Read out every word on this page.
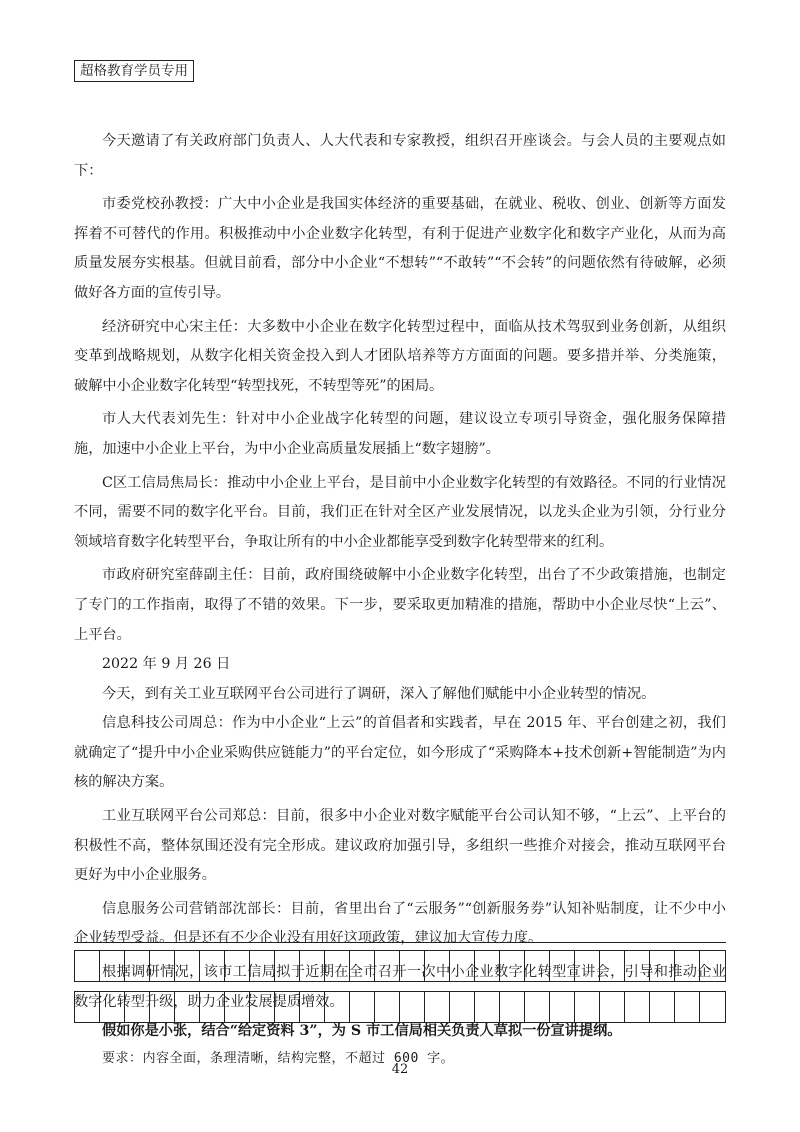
超格教育学员专用

今天邀请了有关政府部门负责人、人大代表和专家教授，组织召开座谈会。与会人员的主要观点如下：

市委党校孙教授：广大中小企业是我国实体经济的重要基础，在就业、税收、创业、创新等方面发挥着不可替代的作用。积极推动中小企业数字化转型，有利于促进产业数字化和数字产业化，从而为高质量发展夯实根基。但就目前看，部分中小企业“不想转”“不敢转”“不会转”的问题依然有待破解，必须做好各方面的宣传引导。

经济研究中心宋主任：大多数中小企业在数字化转型过程中，面临从技术驾驭到业务创新，从组织变革到战略规划，从数字化相关资金投入到人才团队培养等方方面面的问题。要多措并举、分类施策，破解中小企业数字化转型“转型找死，不转型等死”的困局。

市人大代表刘先生：针对中小企业战字化转型的问题，建议设立专项引导资金，强化服务保障措施，加速中小企业上平台，为中小企业高质量发展插上“数字翅膀”。

C区工信局焦局长：推动中小企业上平台，是目前中小企业数字化转型的有效路径。不同的行业情况不同，需要不同的数字化平台。目前，我们正在针对全区产业发展情况，以龙头企业为引领，分行业分领域培育数字化转型平台，争取让所有的中小企业都能享受到数字化转型带来的红利。

市政府研究室薛副主任：目前，政府围绕破解中小企业数字化转型，出台了不少政策措施，也制定了专门的工作指南，取得了不错的效果。下一步，要采取更加精准的措施，帮助中小企业尽快“上云”、上平台。

2022 年 9 月 26 日

今天，到有关工业互联网平台公司进行了调研，深入了解他们赋能中小企业转型的情况。

信息科技公司周总：作为中小企业“上云”的首倡者和实践者，早在 2015 年、平台创建之初，我们就确定了“提升中小企业采购供应链能力”的平台定位，如今形成了“采购降本+技术创新+智能制造”为内核的解决方案。

工业互联网平台公司郑总：目前，很多中小企业对数字赋能平台公司认知不够，“上云”、上平台的积极性不高，整体氛围还没有完全形成。建议政府加强引导，多组织一些推介对接会，推动互联网平台更好为中小企业服务。

信息服务公司营销部沈部长：目前，省里出台了“云服务”“创新服务券”认知补贴制度，让不少中小企业转型受益。但是还有不少企业没有用好这项政策，建议加大宣传力度。

根据调研情况，该市工信局拟于近期在全市召开一次中小企业数字化转型宣讲会，引导和推动企业数字化转型升级，助力企业发展提质增效。

假如你是小张，结合“给定资料 3”，为 S 市工信局相关负责人草拟一份宣讲提纲。

要求：内容全面，条理清晰，结构完整，不超过 600 字。

42
